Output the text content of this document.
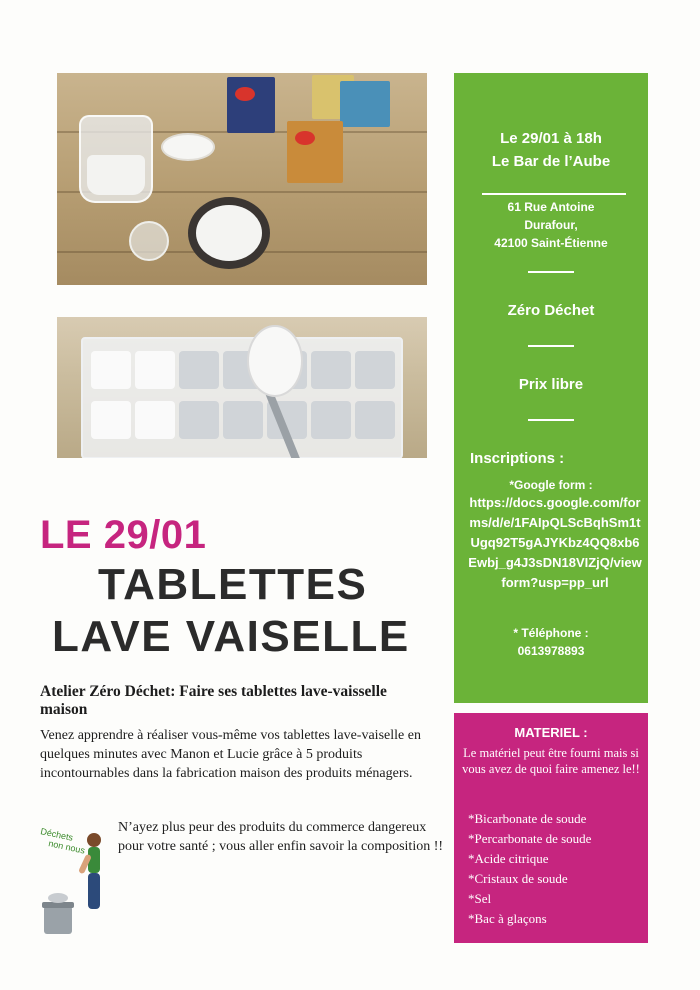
Le 29/01 à 18h
Le Bar de l’Aube
61 Rue Antoine
Durafour,
42100 Saint-Étienne
Zéro Déchet
Prix libre
Inscriptions :
*Google form :
https://docs.google.com/forms/d/e/1FAIpQLScBqhSm1tUgq92T5gAJYKbz4QQ8xb6Ewbj_g4J3sDN18VIZjQ/viewform?usp=pp_url
* Téléphone :
0613978893
MATERIEL :
Le matériel peut être fourni mais si vous avez de quoi faire amenez le!!
*Bicarbonate de soude
*Percarbonate de soude
*Acide citrique
*Cristaux de soude
*Sel
*Bac à glaçons
LE 29/01
TABLETTES
LAVE VAISELLE
Atelier Zéro Déchet: Faire ses tablettes lave-vaisselle maison
Venez apprendre à réaliser vous-même vos tablettes lave-vaiselle en quelques minutes avec Manon et Lucie grâce à 5 produits incontournables dans la fabrication maison des produits ménagers.
N’ayez plus peur des produits du commerce dangereux pour votre santé ; vous aller enfin savoir la composition !!
Déchets
non nous
